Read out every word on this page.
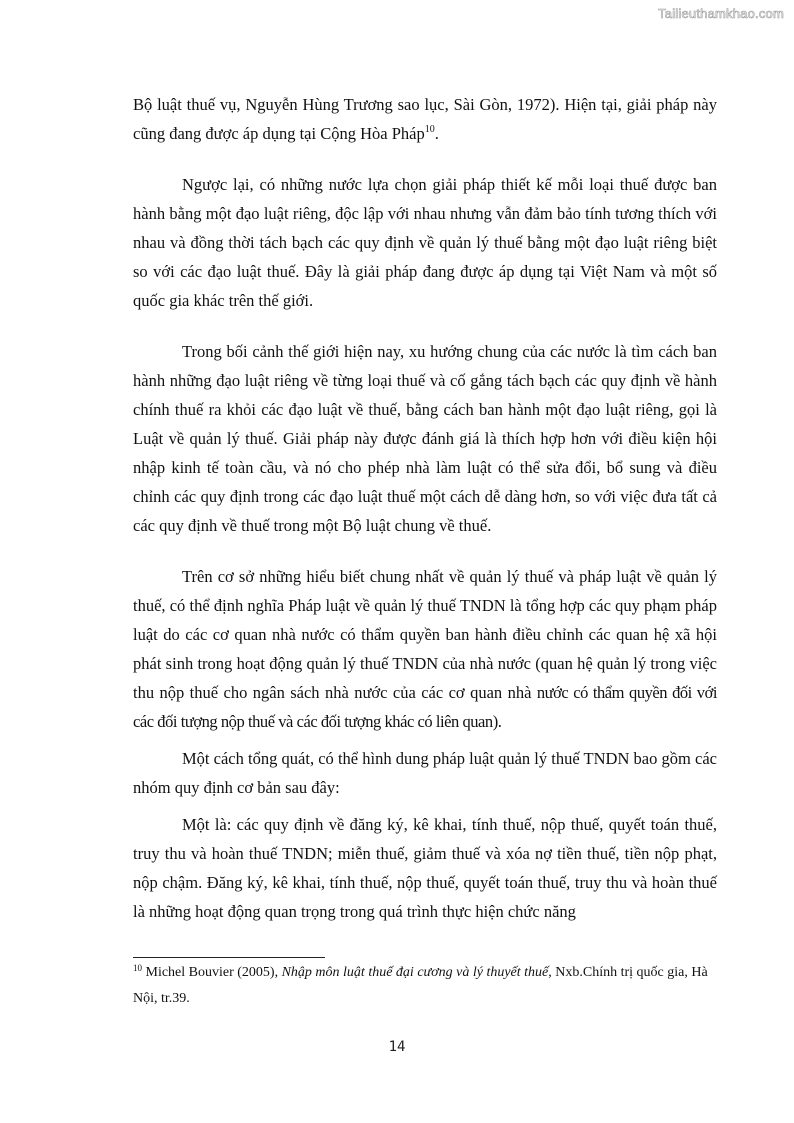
Tailieuthamkhao.com

Bộ luật thuế vụ, Nguyễn Hùng Trương sao lục, Sài Gòn, 1972). Hiện tại, giải pháp này cũng đang được áp dụng tại Cộng Hòa Pháp$^{10}$.

Ngược lại, có những nước lựa chọn giải pháp thiết kế mỗi loại thuế được ban hành bằng một đạo luật riêng, độc lập với nhau nhưng vẫn đảm bảo tính tương thích với nhau và đồng thời tách bạch các quy định về quản lý thuế bằng một đạo luật riêng biệt so với các đạo luật thuế. Đây là giải pháp đang được áp dụng tại Việt Nam và một số quốc gia khác trên thế giới.

Trong bối cảnh thế giới hiện nay, xu hướng chung của các nước là tìm cách ban hành những đạo luật riêng về từng loại thuế và cố gắng tách bạch các quy định về hành chính thuế ra khỏi các đạo luật về thuế, bằng cách ban hành một đạo luật riêng, gọi là Luật về quản lý thuế. Giải pháp này được đánh giá là thích hợp hơn với điều kiện hội nhập kinh tế toàn cầu, và nó cho phép nhà làm luật có thể sửa đổi, bổ sung và điều chỉnh các quy định trong các đạo luật thuế một cách dễ dàng hơn, so với việc đưa tất cả các quy định về thuế trong một Bộ luật chung về thuế.

Trên cơ sở những hiểu biết chung nhất về quản lý thuế và pháp luật về quản lý thuế, có thể định nghĩa Pháp luật về quản lý thuế TNDN là tổng hợp các quy phạm pháp luật do các cơ quan nhà nước có thẩm quyền ban hành điều chỉnh các quan hệ xã hội phát sinh trong hoạt động quản lý thuế TNDN của nhà nước (quan hệ quản lý trong việc thu nộp thuế cho ngân sách nhà nước của các cơ quan nhà nước có thẩm quyền đối với các đối tượng nộp thuế và các đối tượng khác có liên quan).

Một cách tổng quát, có thể hình dung pháp luật quản lý thuế TNDN bao gồm các nhóm quy định cơ bản sau đây:

Một là: các quy định về đăng ký, kê khai, tính thuế, nộp thuế, quyết toán thuế, truy thu và hoàn thuế TNDN; miễn thuế, giảm thuế và xóa nợ tiền thuế, tiền nộp phạt, nộp chậm. Đăng ký, kê khai, tính thuế, nộp thuế, quyết toán thuế, truy thu và hoàn thuế là những hoạt động quan trọng trong quá trình thực hiện chức năng

$^{10}$ Michel Bouvier (2005), Nhập môn luật thuế đại cương và lý thuyết thuế, Nxb.Chính trị quốc gia, Hà Nội, tr.39.
14
